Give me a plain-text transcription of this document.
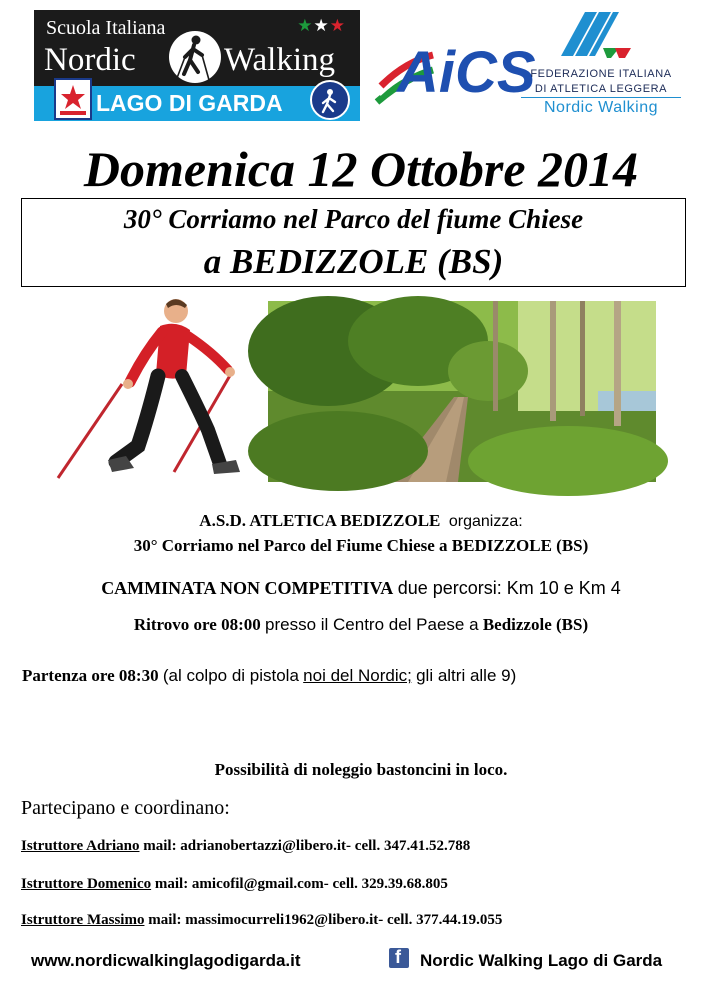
Scuola Italiana	★★★
Nordic	Walking
LAGO DI GARDA AiCS
FEDERAZIONE ITALIANA
DI ATLETICA LEGGERA
Nordic Walking
Domenica 12 Ottobre 2014
30° Corriamo nel Parco del fiume Chiese
a BEDIZZOLE (BS)
A.S.D. ATLETICA BEDIZZOLE organizza:
30° Corriamo nel Parco del Fiume Chiese a BEDIZZOLE (BS)
CAMMINATA NON COMPETITIVA due percorsi: Km 10 e Km 4
Ritrovo ore 08:00 presso il Centro del Paese a Bedizzole (BS)
Partenza ore 08:30 (al colpo di pistola noi del Nordic; gli altri alle 9)
Possibilità di noleggio bastoncini in loco.
Partecipano e coordinano:
Istruttore Adriano mail: adrianobertazzi@libero.it- cell. 347.41.52.788
Istruttore Domenico mail: amicofil@gmail.com- cell. 329.39.68.805
Istruttore Massimo mail: massimocurreli1962@libero.it- cell. 377.44.19.055
www.nordicwalkinglagodigarda.it	f Nordic Walking Lago di Garda
